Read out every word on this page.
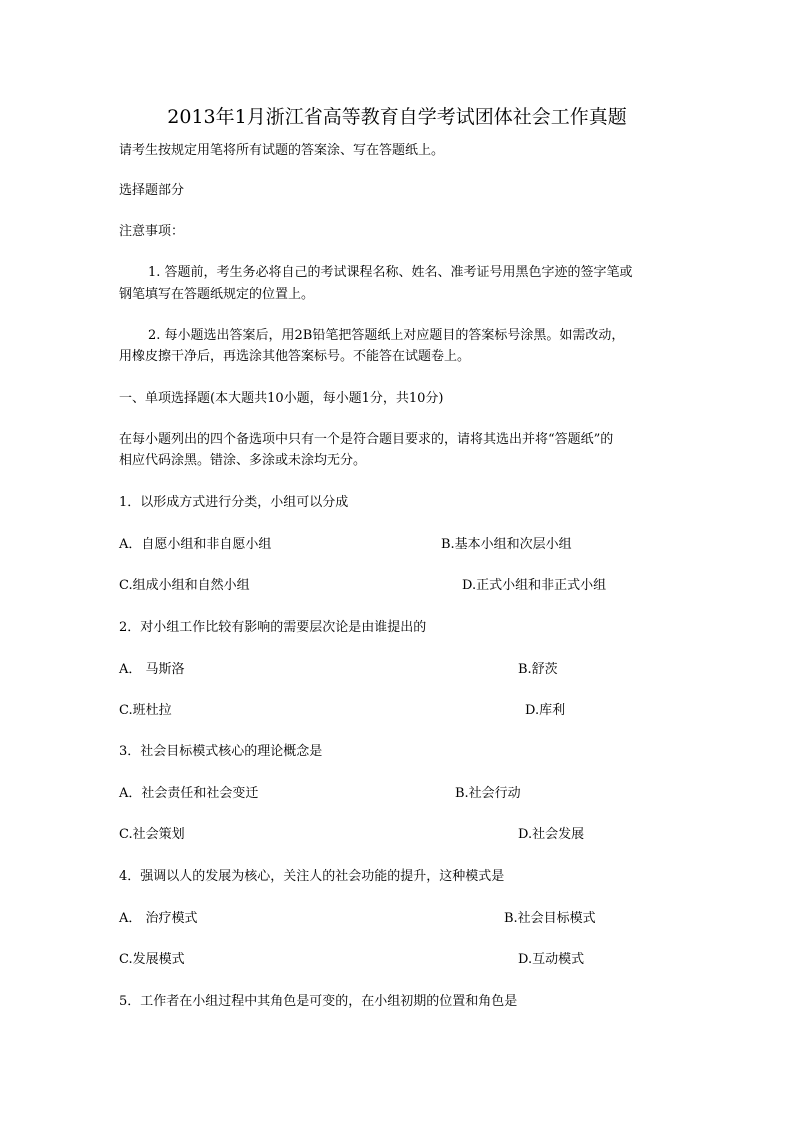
2013年1月浙江省高等教育自学考试团体社会工作真题
请考生按规定用笔将所有试题的答案涂、写在答题纸上。
选择题部分
注意事项：
1. 答题前，考生务必将自己的考试课程名称、姓名、准考证号用黑色字迹的签字笔或
钢笔填写在答题纸规定的位置上。
2. 每小题选出答案后，用2B铅笔把答题纸上对应题目的答案标号涂黑。如需改动，
用橡皮擦干净后，再选涂其他答案标号。不能答在试题卷上。
一、单项选择题(本大题共10小题，每小题1分，共10分)
在每小题列出的四个备选项中只有一个是符合题目要求的，请将其选出并将“答题纸”的
相应代码涂黑。错涂、多涂或未涂均无分。
1．以形成方式进行分类，小组可以分成
A．自愿小组和非自愿小组	B.基本小组和次层小组
C.组成小组和自然小组	D.正式小组和非正式小组
2．对小组工作比较有影响的需要层次论是由谁提出的
A． 马斯洛	B.舒茨
C.班杜拉	D.库利
3．社会目标模式核心的理论概念是
A．社会责任和社会变迁	B.社会行动
C.社会策划	D.社会发展
4．强调以人的发展为核心，关注人的社会功能的提升，这种模式是
A． 治疗模式	B.社会目标模式
C.发展模式	D.互动模式
5．工作者在小组过程中其角色是可变的，在小组初期的位置和角色是
